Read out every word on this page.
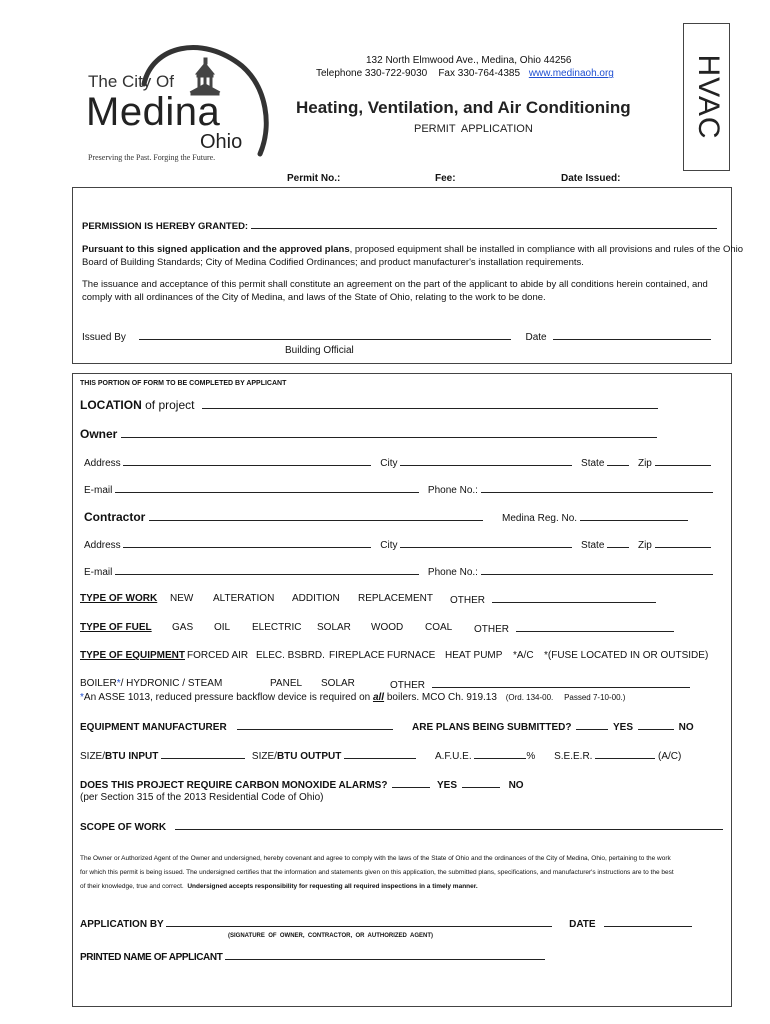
The City Of
Medina
Ohio
Preserving the Past. Forging the Future.
132 North Elmwood Ave., Medina, Ohio 44256
Telephone 330-722-9030    Fax 330-764-4385 www.medinaoh.org
Heating, Ventilation, and Air Conditioning
PERMIT  APPLICATION	HVAC
Permit No.:	Fee:	Date Issued:
PERMISSION IS HEREBY GRANTED:
Pursuant to this signed application and the approved plans, proposed equipment shall be installed in compliance with all provisions and rules of the Ohio
Board of Building Standards; City of Medina Codified Ordinances; and product manufacturer's installation requirements.
The issuance and acceptance of this permit shall constitute an agreement on the part of the applicant to abide by all conditions herein contained, and
comply with all ordinances of the City of Medina, and laws of the State of Ohio, relating to the work to be done.
Issued By	Date
Building Official
THIS PORTION OF FORM TO BE COMPLETED BY APPLICANT
LOCATION of project
Owner
Address	City	State	Zip
E-mail	Phone No.:
Contractor	Medina Reg. No.
Address	City	State	Zip
E-mail	Phone No.:
TYPE OF WORK NEW ALTERATION ADDITION REPLACEMENT OTHER
TYPE OF FUEL GAS OIL ELECTRIC SOLAR WOOD COAL OTHER
TYPE OF EQUIPMENT FORCED AIR ELEC. BSBRD. FIREPLACE FURNACE HEAT PUMP *A/C *(FUSE LOCATED IN OR OUTSIDE)
BOILER*/ HYDRONIC / STEAM	PANEL SOLAR	OTHER
*An ASSE 1013, reduced pressure backflow device is required on all boilers. MCO Ch. 919.13 (Ord. 134-00. Passed 7-10-00.)
EQUIPMENT MANUFACTURER	ARE PLANS BEING SUBMITTED?	YES	NO
SIZE/BTU INPUT	SIZE/BTU OUTPUT	A.F.U.E.	% S.E.E.R.	(A/C)
DOES THIS PROJECT REQUIRE CARBON MONOXIDE ALARMS?	YES	NO
(per Section 315 of the 2013 Residential Code of Ohio)
SCOPE OF WORK
The Owner or Authorized Agent of the Owner and undersigned, hereby covenant and agree to comply with the laws of the State of Ohio and the ordinances of the City of Medina, Ohio, pertaining to the work
for which this permit is being issued. The undersigned certifies that the information and statements given on this application, the submitted plans, specifications, and manufacturer's instructions are to the best
of their knowledge, true and correct. Undersigned accepts responsibility for requesting all required inspections in a timely manner.
APPLICATION BY	DATE
(SIGNATURE  OF  OWNER,  CONTRACTOR,  OR  AUTHORIZED  AGENT)
PRINTED NAME OF APPLICANT
